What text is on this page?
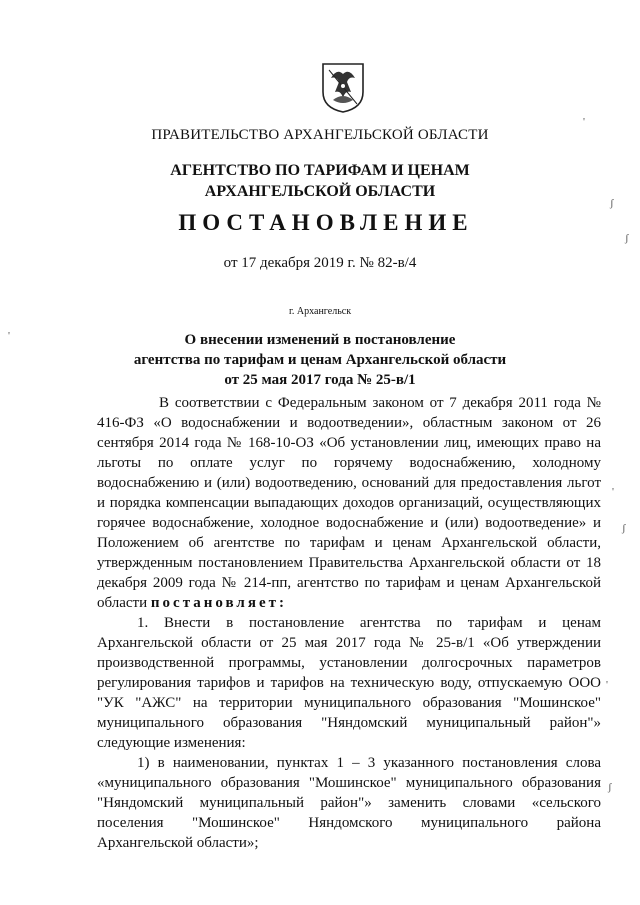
ПРАВИТЕЛЬСТВО АРХАНГЕЛЬСКОЙ ОБЛАСТИ
АГЕНТСТВО ПО ТАРИФАМ И ЦЕНАМ
АРХАНГЕЛЬСКОЙ ОБЛАСТИ
ПОСТАНОВЛЕНИЕ
от 17 декабря 2019 г. № 82-в/4
г. Архангельск
О внесении изменений в постановление
агентства по тарифам и ценам Архангельской области
от 25 мая 2017 года № 25-в/1

В соответствии с Федеральным законом от 7 декабря 2011 года № 416-ФЗ «О водоснабжении и водоотведении», областным законом от 26 сентября 2014 года № 168-10-ОЗ «Об установлении лиц, имеющих право на льготы по оплате услуг по горячему водоснабжению, холодному водоснабжению и (или) водоотведению, оснований для предоставления льгот и порядка компенсации выпадающих доходов организаций, осуществляющих горячее водоснабжение, холодное водоснабжение и (или) водоотведение» и Положением об агентстве по тарифам и ценам Архангельской области, утвержденным постановлением Правительства Архангельской области от 18 декабря 2009 года № 214-пп, агентство по тарифам и ценам Архангельской области постановляет:

1. Внести в постановление агентства по тарифам и ценам Архангельской области от 25 мая 2017 года № 25-в/1 «Об утверждении производственной программы, установлении долгосрочных параметров регулирования тарифов и тарифов на техническую воду, отпускаемую ООО "УК "АЖС" на территории муниципального образования "Мошинское" муниципального образования "Няндомский муниципальный район"» следующие изменения:

1) в наименовании, пунктах 1 – 3 указанного постановления слова «муниципального образования "Мошинское" муниципального образования "Няндомский муниципальный район"» заменить словами «сельского поселения "Мошинское" Няндомского муниципального района Архангельской области»;

'
ʃ
ʃ
'
'
ʃ
'
ʃ
